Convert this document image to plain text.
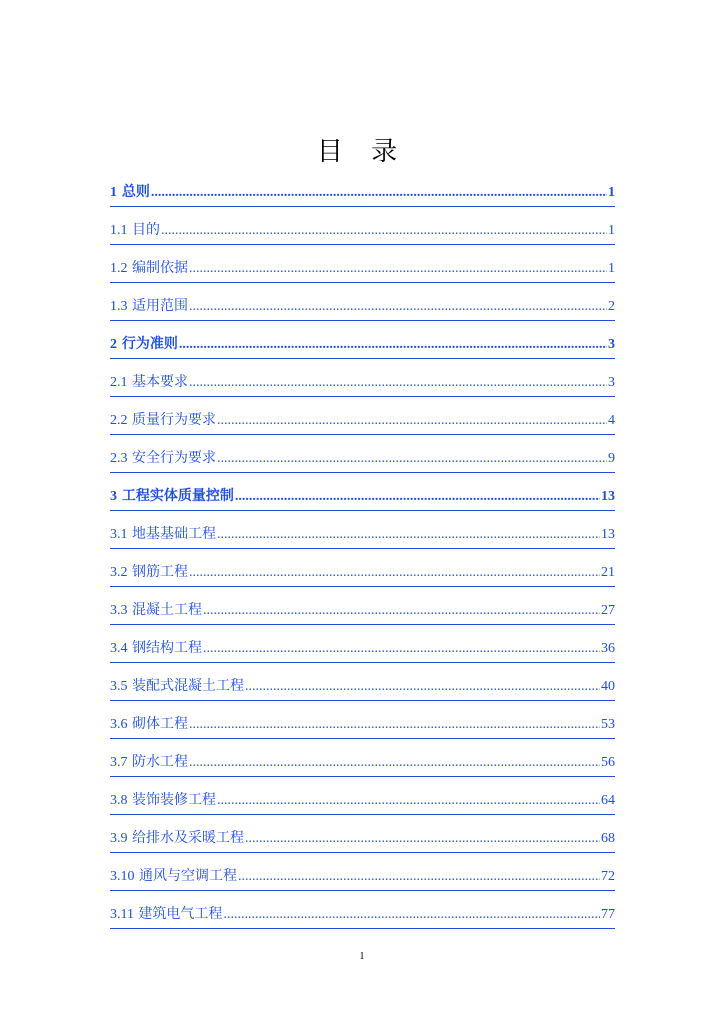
目 录
1 总则 .....	1
1.1 目的 .....	1
1.2 编制依据 .....	1
1.3 适用范围 .....	2
2 行为准则 .....	3
2.1 基本要求 .....	3
2.2 质量行为要求 .....	4
2.3 安全行为要求 .....	9
3 工程实体质量控制 .....	13
3.1 地基基础工程 .....	13
3.2 钢筋工程 .....	21
3.3 混凝土工程 .....	27
3.4 钢结构工程 .....	36
3.5 装配式混凝土工程 .....	40
3.6 砌体工程 .....	53
3.7 防水工程 .....	56
3.8 装饰装修工程 .....	64
3.9 给排水及采暖工程 .....	68
3.10 通风与空调工程 .....	72
3.11 建筑电气工程 .....	77
1
